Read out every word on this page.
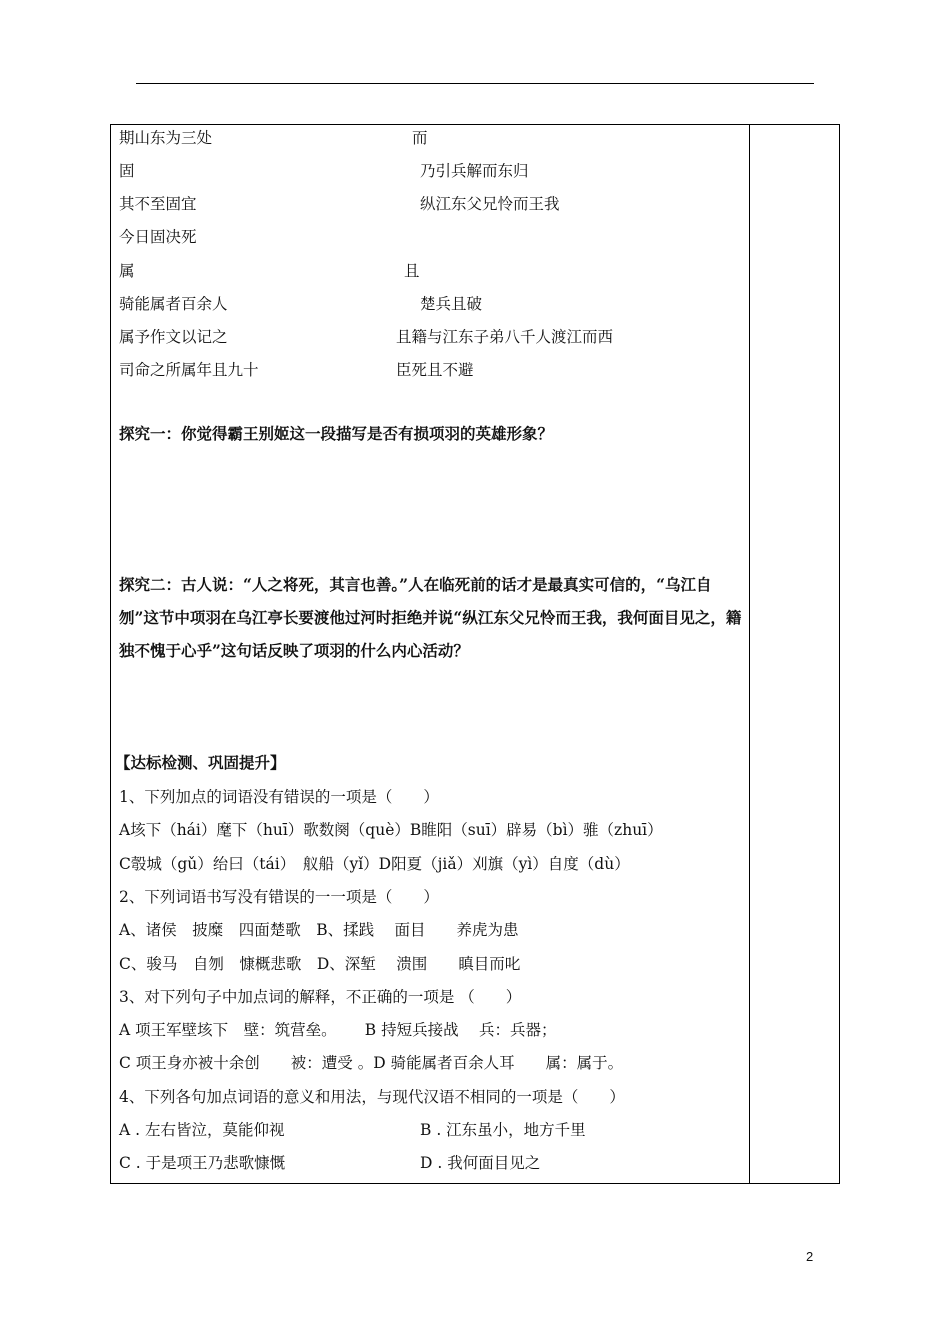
期山东为三处	而
固	乃引兵解而东归
其不至固宜	纵江东父兄怜而王我
今日固决死
属	且
骑能属者百余人	楚兵且破
属予作文以记之	且籍与江东子弟八千人渡江而西
司命之所属年且九十	臣死且不避
探究一：你觉得霸王别姬这一段描写是否有损项羽的英雄形象？
探究二：古人说：“人之将死，其言也善。”人在临死前的话才是最真实可信的，“乌江自刎”这节中项羽在乌江亭长要渡他过河时拒绝并说“纵江东父兄怜而王我，我何面目见之，籍独不愧于心乎”这句话反映了项羽的什么内心活动？
【达标检测、巩固提升】
1、下列加点的词语没有错误的一项是（　　）
A垓下（hái）麾下（huī）歌数阕（què）B睢阳（suī）辟易（bì）骓（zhuī）
C彀城（gǔ）绐曰（tái）　舣船（yǐ）D阳夏（jiǎ）刈旗（yì）自度（dù）
2、下列词语书写没有错误的一一项是（　　）
A、诸侯　披糜　四面楚歌　B、揉践　 面目　　养虎为患
C、骏马　自刎　慷概悲歌　D、深堑　 溃围　　瞋目而叱
3、对下列句子中加点词的解释，不正确的一项是 （　　）
A 项王军壁垓下　壁：筑营垒。　　 B 持短兵接战　 兵：兵器；
C 项王身亦被十余创　　被：遭受 。D 骑能属者百余人耳　　属：属于。
4、下列各句加点词语的意义和用法，与现代汉语不相同的一项是（　　）
A . 左右皆泣，莫能仰视	B . 江东虽小，地方千里
C . 于是项王乃悲歌慷慨	D . 我何面目见之
2
